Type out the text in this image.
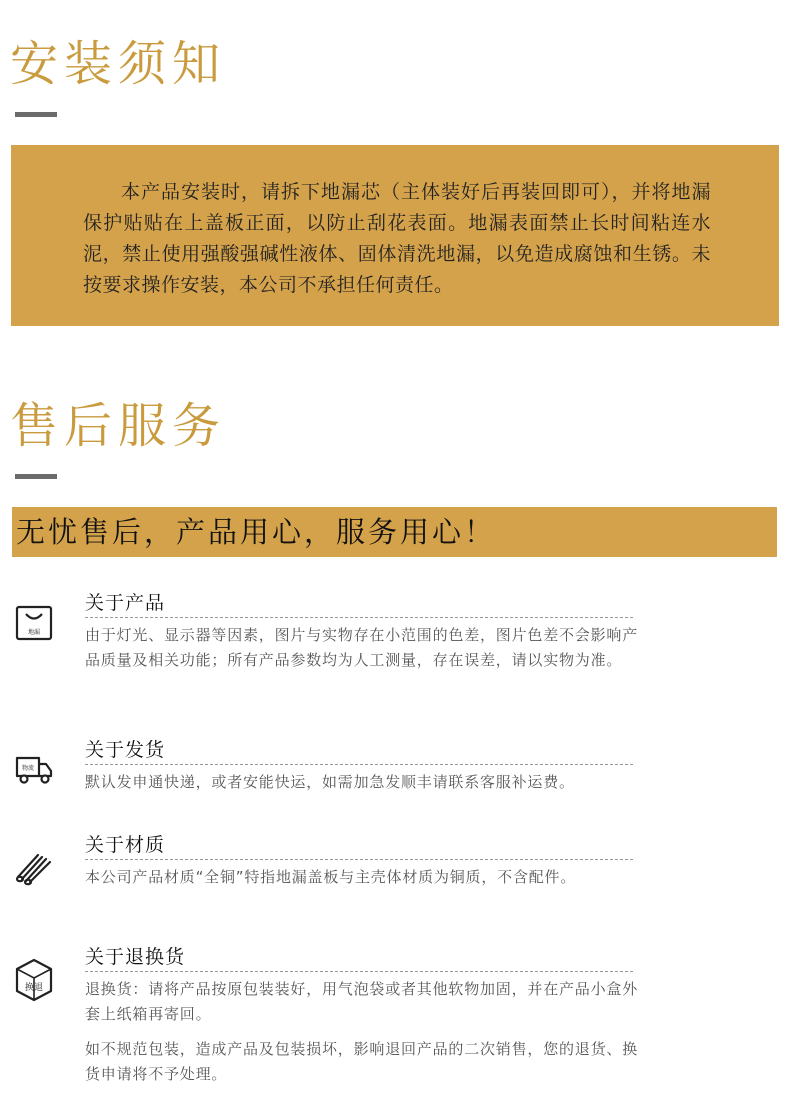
安装须知
本产品安装时，请拆下地漏芯（主体装好后再装回即可），并将地漏保护贴贴在上盖板正面，以防止刮花表面。地漏表面禁止长时间粘连水泥，禁止使用强酸强碱性液体、固体清洗地漏，以免造成腐蚀和生锈。未按要求操作安装，本公司不承担任何责任。
售后服务
无忧售后，产品用心，服务用心！
地漏
关于产品
由于灯光、显示器等因素，图片与实物存在小范围的色差，图片色差不会影响产品质量及相关功能；所有产品参数均为人工测量，存在误差，请以实物为准。
物流
关于发货
默认发申通快递，或者安能快运，如需加急发顺丰请联系客服补运费。
关于材质
本公司产品材质“全铜”特指地漏盖板与主壳体材质为铜质，不含配件。
换退
关于退换货
退换货：请将产品按原包装装好，用气泡袋或者其他软物加固，并在产品小盒外套上纸箱再寄回。
如不规范包装，造成产品及包装损坏，影响退回产品的二次销售，您的退货、换货申请将不予处理。
